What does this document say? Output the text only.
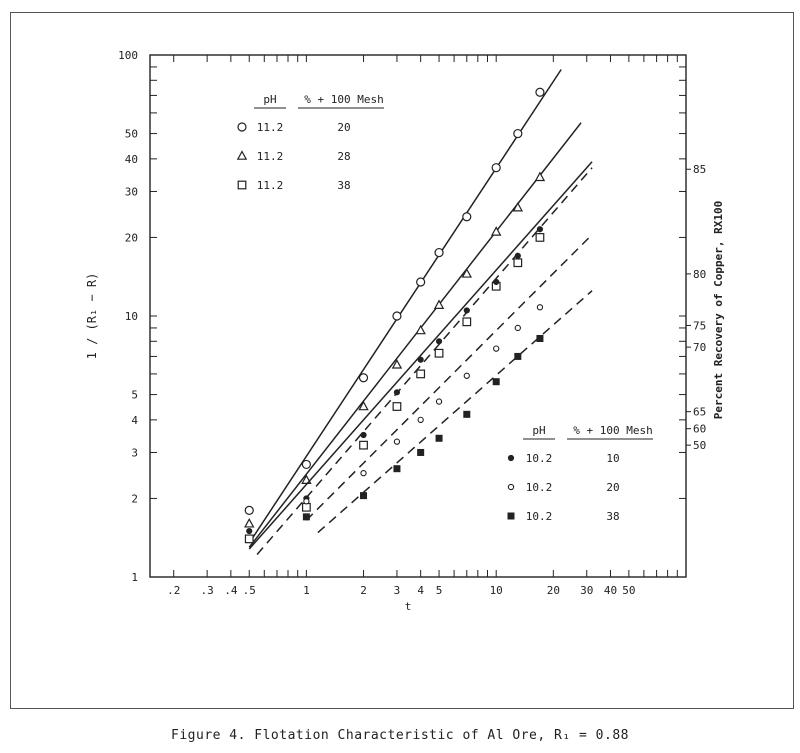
.2 .3 .4 .5	1	2 3 4 5	10	20 30 40 50
1
2
3
4
5
10
20
30
40
50
100
50
60
65
70
75
80
85
t
1 / (R₁ − R)	Percent Recovery of Copper, RX100
pH	% + 100 Mesh
11.2	20
11.2	28
11.2	38
pH	% + 100 Mesh
10.2	10
10.2	20
10.2	38
Figure 4. Flotation Characteristic of Al Ore, R₁ = 0.88
